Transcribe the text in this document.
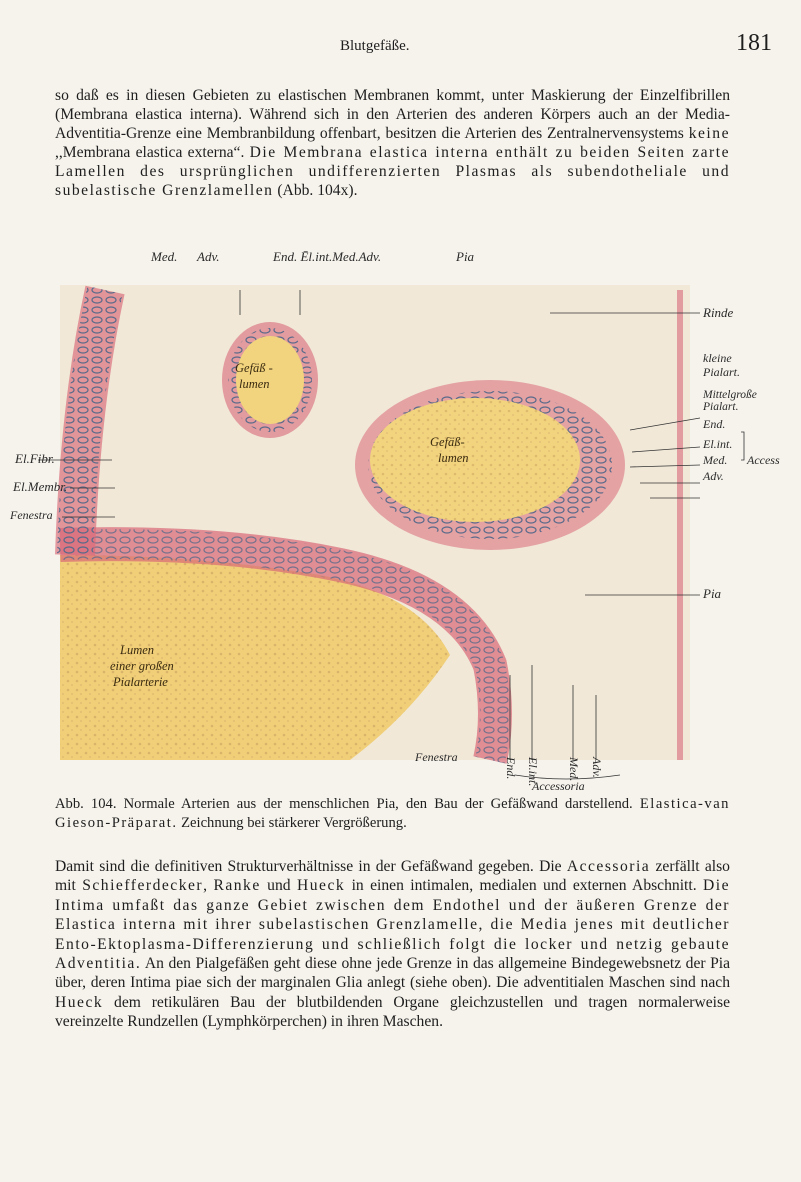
Blutgefäße.	181

so daß es in diesen Gebieten zu elastischen Membranen kommt, unter Maskierung der Einzelfibrillen (Membrana elastica interna). Während sich in den Arterien des anderen Körpers auch an der Media-Adventitia-Grenze eine Membranbildung offenbart, besitzen die Arterien des Zentralnervensystems keine ,,Membrana elastica externa“. Die Membrana elastica interna enthält zu beiden Seiten zarte Lamellen des ursprünglichen undifferenzierten Plasmas als subendotheliale und subelastische Grenzlamellen (Abb. 104x).

Med. Adv.	End. Ēl.int.Med.Adv.	Pia
Rinde
kleine
Pialart.
Mittelgroße
Pialart.
End.
El.int.
Med.
Adv.
Access
Pia
El.Fibr.
El.Membr.
Fenestra
Gefäß -
lumen
Gefäß-
lumen
Lumen
einer großen
Pialarterie
Fenestra	End. El.int. Med. Adv.
Accessoria

Abb. 104. Normale Arterien aus der menschlichen Pia, den Bau der Gefäßwand darstellend. Elastica-van Gieson-Präparat. Zeichnung bei stärkerer Vergrößerung.

Damit sind die definitiven Strukturverhältnisse in der Gefäßwand gegeben. Die Accessoria zerfällt also mit Schiefferdecker, Ranke und Hueck in einen intimalen, medialen und externen Abschnitt. Die Intima umfaßt das ganze Gebiet zwischen dem Endothel und der äußeren Grenze der Elastica interna mit ihrer subelastischen Grenzlamelle, die Media jenes mit deutlicher Ento-Ektoplasma-Differenzierung und schließlich folgt die locker und netzig gebaute Adventitia. An den Pialgefäßen geht diese ohne jede Grenze in das allgemeine Bindegewebsnetz der Pia über, deren Intima piae sich der marginalen Glia anlegt (siehe oben). Die adventitialen Maschen sind nach Hueck dem retikulären Bau der blutbildenden Organe gleichzustellen und tragen normalerweise vereinzelte Rundzellen (Lymphkörperchen) in ihren Maschen.
